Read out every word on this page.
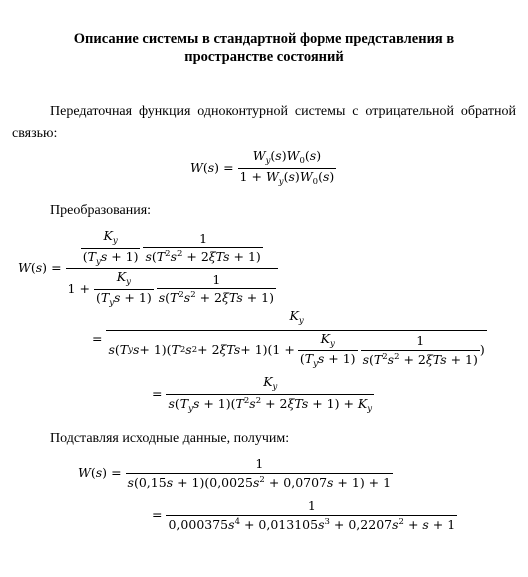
Описание системы в стандартной форме представления в
пространстве состояний
Передаточная функция одноконтурной системы с отрицательной обратной
связью:
W ( s ) = $\frac{W_y(s)W_0(s)}{1 + W_y(s)W_0(s)}$
Преобразования:
W ( s ) = $\frac{\frac{K_y}{(T_ys + 1)} \frac{1}{s(T^2s^2 + 2\xi Ts + 1)}}{1 + \frac{K_y}{(T_ys + 1)} \frac{1}{s(T^2s^2 + 2\xi Ts + 1)}}$
=
$K_y$
s ( T y s + 1)( T 2 s 2 + 2 $\xi Ts + 1)(1 + \frac{K_y}{(T_ys + 1)} \frac{1}{s(T^2s^2 + 2\xi Ts + 1)}$ )
= $\frac{K_y}{s(T_ys + 1)(T^2s^2 + 2\xi Ts + 1) + K_y}$
Подставляя исходные данные, получим:
W ( s ) = $\frac{1}{s(0,15s + 1)(0,0025s^2 + 0,0707s + 1) + 1}$
= $\frac{1}{0,000375s^4 + 0,013105s^3 + 0,2207s^2 + s + 1}$
